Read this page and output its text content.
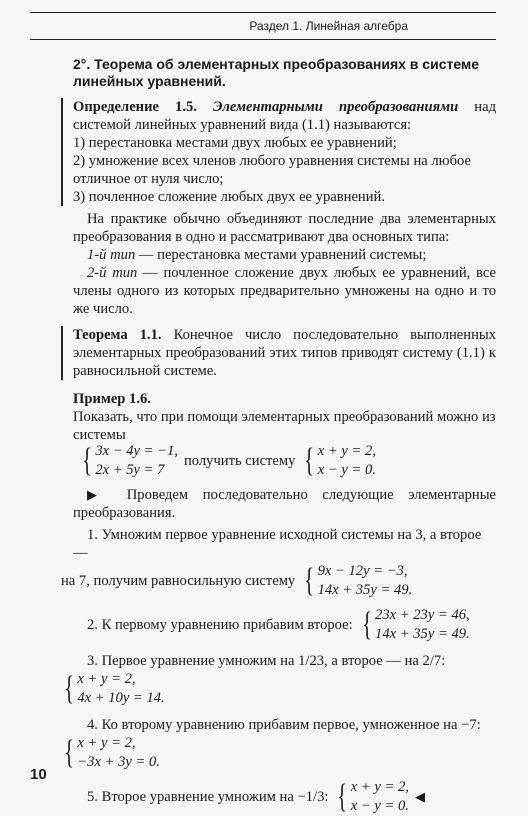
Раздел 1. Линейная алгебра

2°. Теорема об элементарных преобразованиях в системе линейных уравнений.

Определение 1.5. Элементарными преобразованиями над системой линейных уравнений вида (1.1) называются:

1) перестановка местами двух любых ее уравнений;

2) умножение всех членов любого уравнения системы на любое отличное от нуля число;

3) почленное сложение любых двух ее уравнений.

На практике обычно объединяют последние два элементарных преобразования в одно и рассматривают два основных типа:

1-й тип — перестановка местами уравнений системы;

2-й тип — почленное сложение двух любых ее уравнений, все члены одного из которых предварительно умножены на одно и то же число.

Теорема 1.1. Конечное число последовательно выполненных элементарных преобразований этих типов приводят систему (1.1) к равносильной системе.

Пример 1.6.

Показать, что при помощи элементарных преобразований можно из системы

{ 3x − 4y = −1,
2x + 5y = 7
получить систему { x + y = 2,
x − y = 0.

▶ Проведем последовательно следующие элементарные преобразования.

1. Умножим первое уравнение исходной системы на 3, а второе —

на 7, получим равносильную систему { 9x − 12y = −3,
14x + 35y = 49.
2. К первому уравнению прибавим второе: { 23x + 23y = 46,
14x + 35y = 49.

3. Первое уравнение умножим на 1/23, а второе — на 2/7:

{ x + y = 2,
4x + 10y = 14.

4. Ко второму уравнению прибавим первое, умноженное на −7:

{ x + y = 2,
−3x + 3y = 0.
5. Второе уравнение умножим на −1/3: { x + y = 2,
x − y = 0.
◀
10
